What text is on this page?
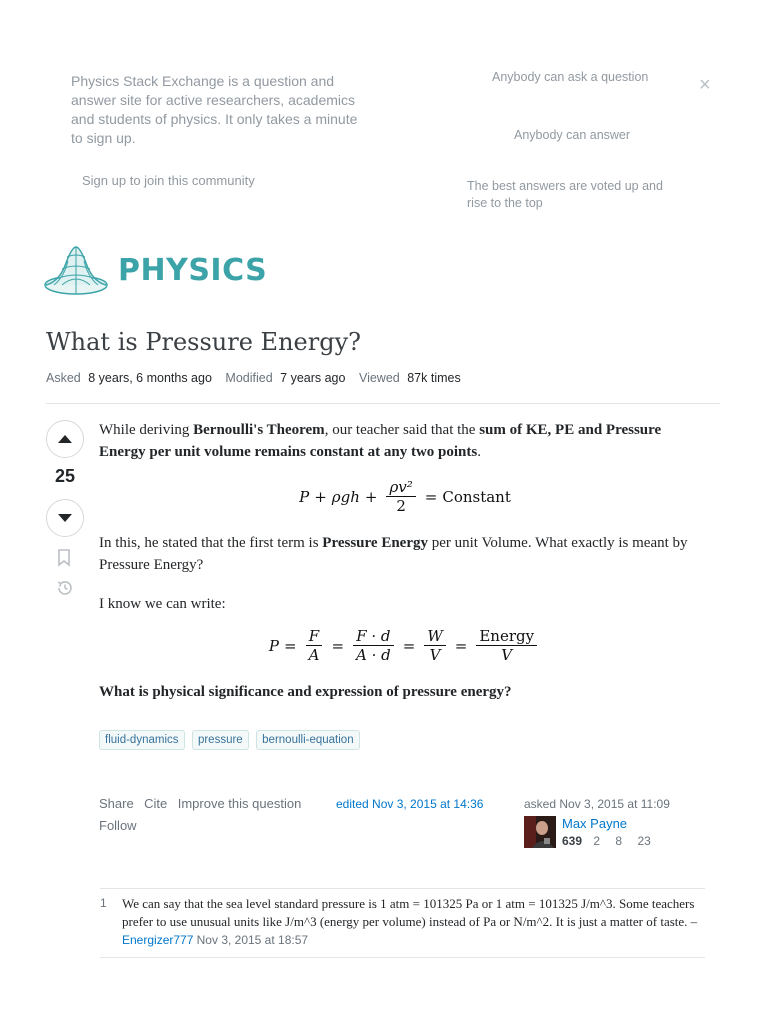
Physics Stack Exchange is a question and answer site for active researchers, academics and students of physics. It only takes a minute to sign up.
Sign up to join this community
Anybody can ask a question
Anybody can answer
The best answers are voted up and rise to the top
×
PHYSICS
What is Pressure Energy?
Asked 8 years, 6 months ago Modified 7 years ago Viewed 87k times
25
While deriving Bernoulli's Theorem, our teacher said that the sum of KE, PE and Pressure Energy per unit volume remains constant at any two points.
$P + \rho gh + \frac{\text{ρv²}}{2}$ = Constant
In this, he stated that the first term is Pressure Energy per unit Volume. What exactly is meant by Pressure Energy?
I know we can write:
$P = \frac{F}{A} = \frac{F \cdot d}{A \cdot d} = \frac{W}{V} = \frac{\text{Energy}}{V}$
What is physical significance and expression of pressure energy?
fluid-dynamics pressure bernoulli-equation
Share Cite Improve this question
Follow
edited Nov 3, 2015 at 14:36	asked Nov 3, 2015 at 11:09
Max Payne
639 2 8 23
1 We can say that the sea level standard pressure is 1 atm = 101325 Pa or 1 atm = 101325 J/m^3. Some teachers prefer to use unusual units like J/m^3 (energy per volume) instead of Pa or N/m^2. It is just a matter of taste. – Energizer777 Nov 3, 2015 at 18:57
